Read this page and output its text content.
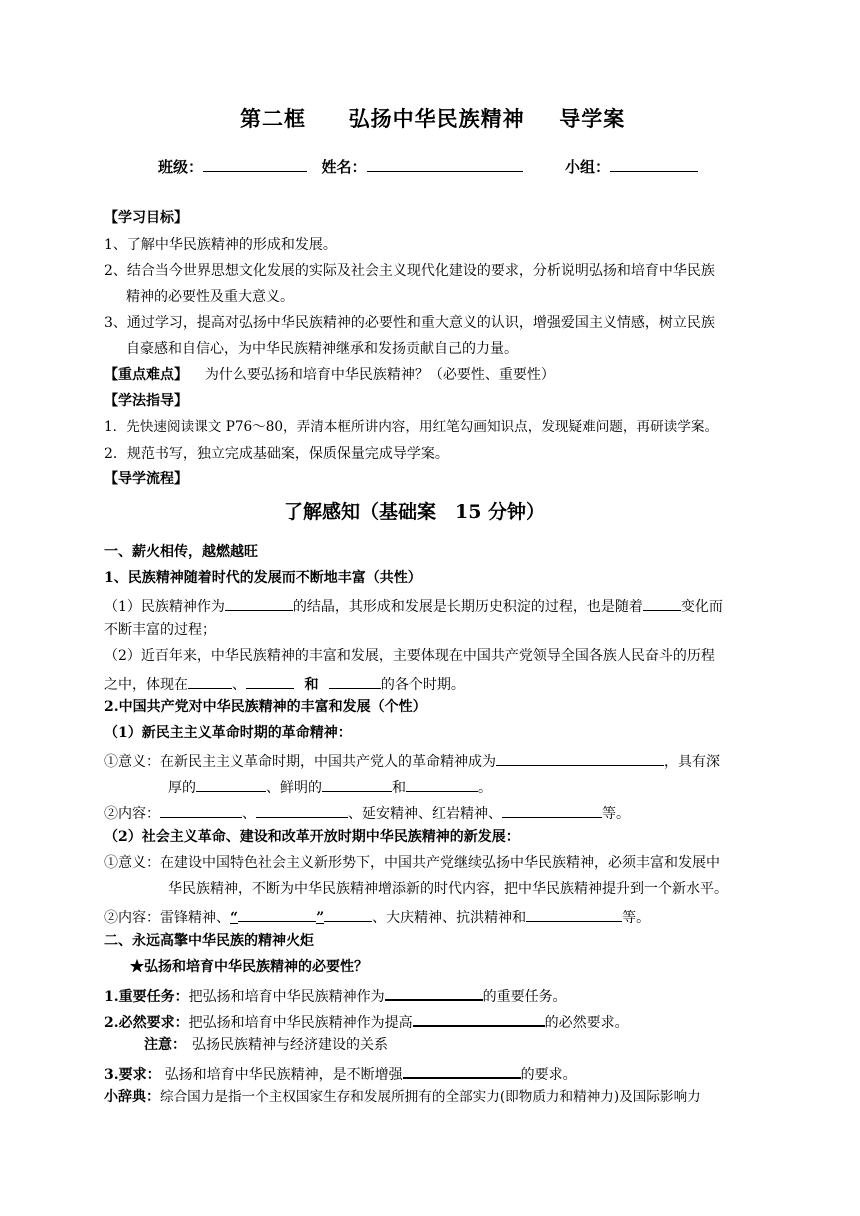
第二框 弘扬中华民族精神 导学案
班级：	姓名：	小组：
【学习目标】
1、了解中华民族精神的形成和发展。
2、结合当今世界思想文化发展的实际及社会主义现代化建设的要求，分析说明弘扬和培育中华民族
精神的必要性及重大意义。
3、通过学习，提高对弘扬中华民族精神的必要性和重大意义的认识，增强爱国主义情感，树立民族
自豪感和自信心，为中华民族精神继承和发扬贡献自己的力量。
【重点难点】 为什么要弘扬和培育中华民族精神？（必要性、重要性）
【学法指导】
1．先快速阅读课文 P76～80，弄清本框所讲内容，用红笔勾画知识点，发现疑难问题，再研读学案。
2．规范书写，独立完成基础案，保质保量完成导学案。
【导学流程】
了解感知（基础案　15 分钟）
一、薪火相传，越燃越旺
1、民族精神随着时代的发展而不断地丰富（共性）
（1）民族精神作为	的结晶，其形成和发展是长期历史积淀的过程，也是随着	变化而
不断丰富的过程；
（2）近百年来，中华民族精神的丰富和发展，主要体现在中国共产党领导全国各族人民奋斗的历程
之中，体现在	、	和	的各个时期。
2.中国共产党对中华民族精神的丰富和发展（个性）
（1）新民主主义革命时期的革命精神：
①意义：在新民主主义革命时期，中国共产党人的革命精神成为	，具有深
厚的	、鲜明的	和	。
②内容：	、	、延安精神、红岩精神、	等。
（2）社会主义革命、建设和改革开放时期中华民族精神的新发展：
①意义：在建设中国特色社会主义新形势下，中国共产党继续弘扬中华民族精神，必须丰富和发展中
华民族精神，不断为中华民族精神增添新的时代内容，把中华民族精神提升到一个新水平。
②内容：雷锋精神、“	”	、大庆精神、抗洪精神和	等。
二、永远高擎中华民族的精神火炬
★弘扬和培育中华民族精神的必要性？
1.重要任务：把弘扬和培育中华民族精神作为	的重要任务。
2.必然要求：把弘扬和培育中华民族精神作为提高	的必然要求。
注意： 弘扬民族精神与经济建设的关系
3.要求： 弘扬和培育中华民族精神，是不断增强	的要求。
小辞典：综合国力是指一个主权国家生存和发展所拥有的全部实力(即物质力和精神力)及国际影响力
